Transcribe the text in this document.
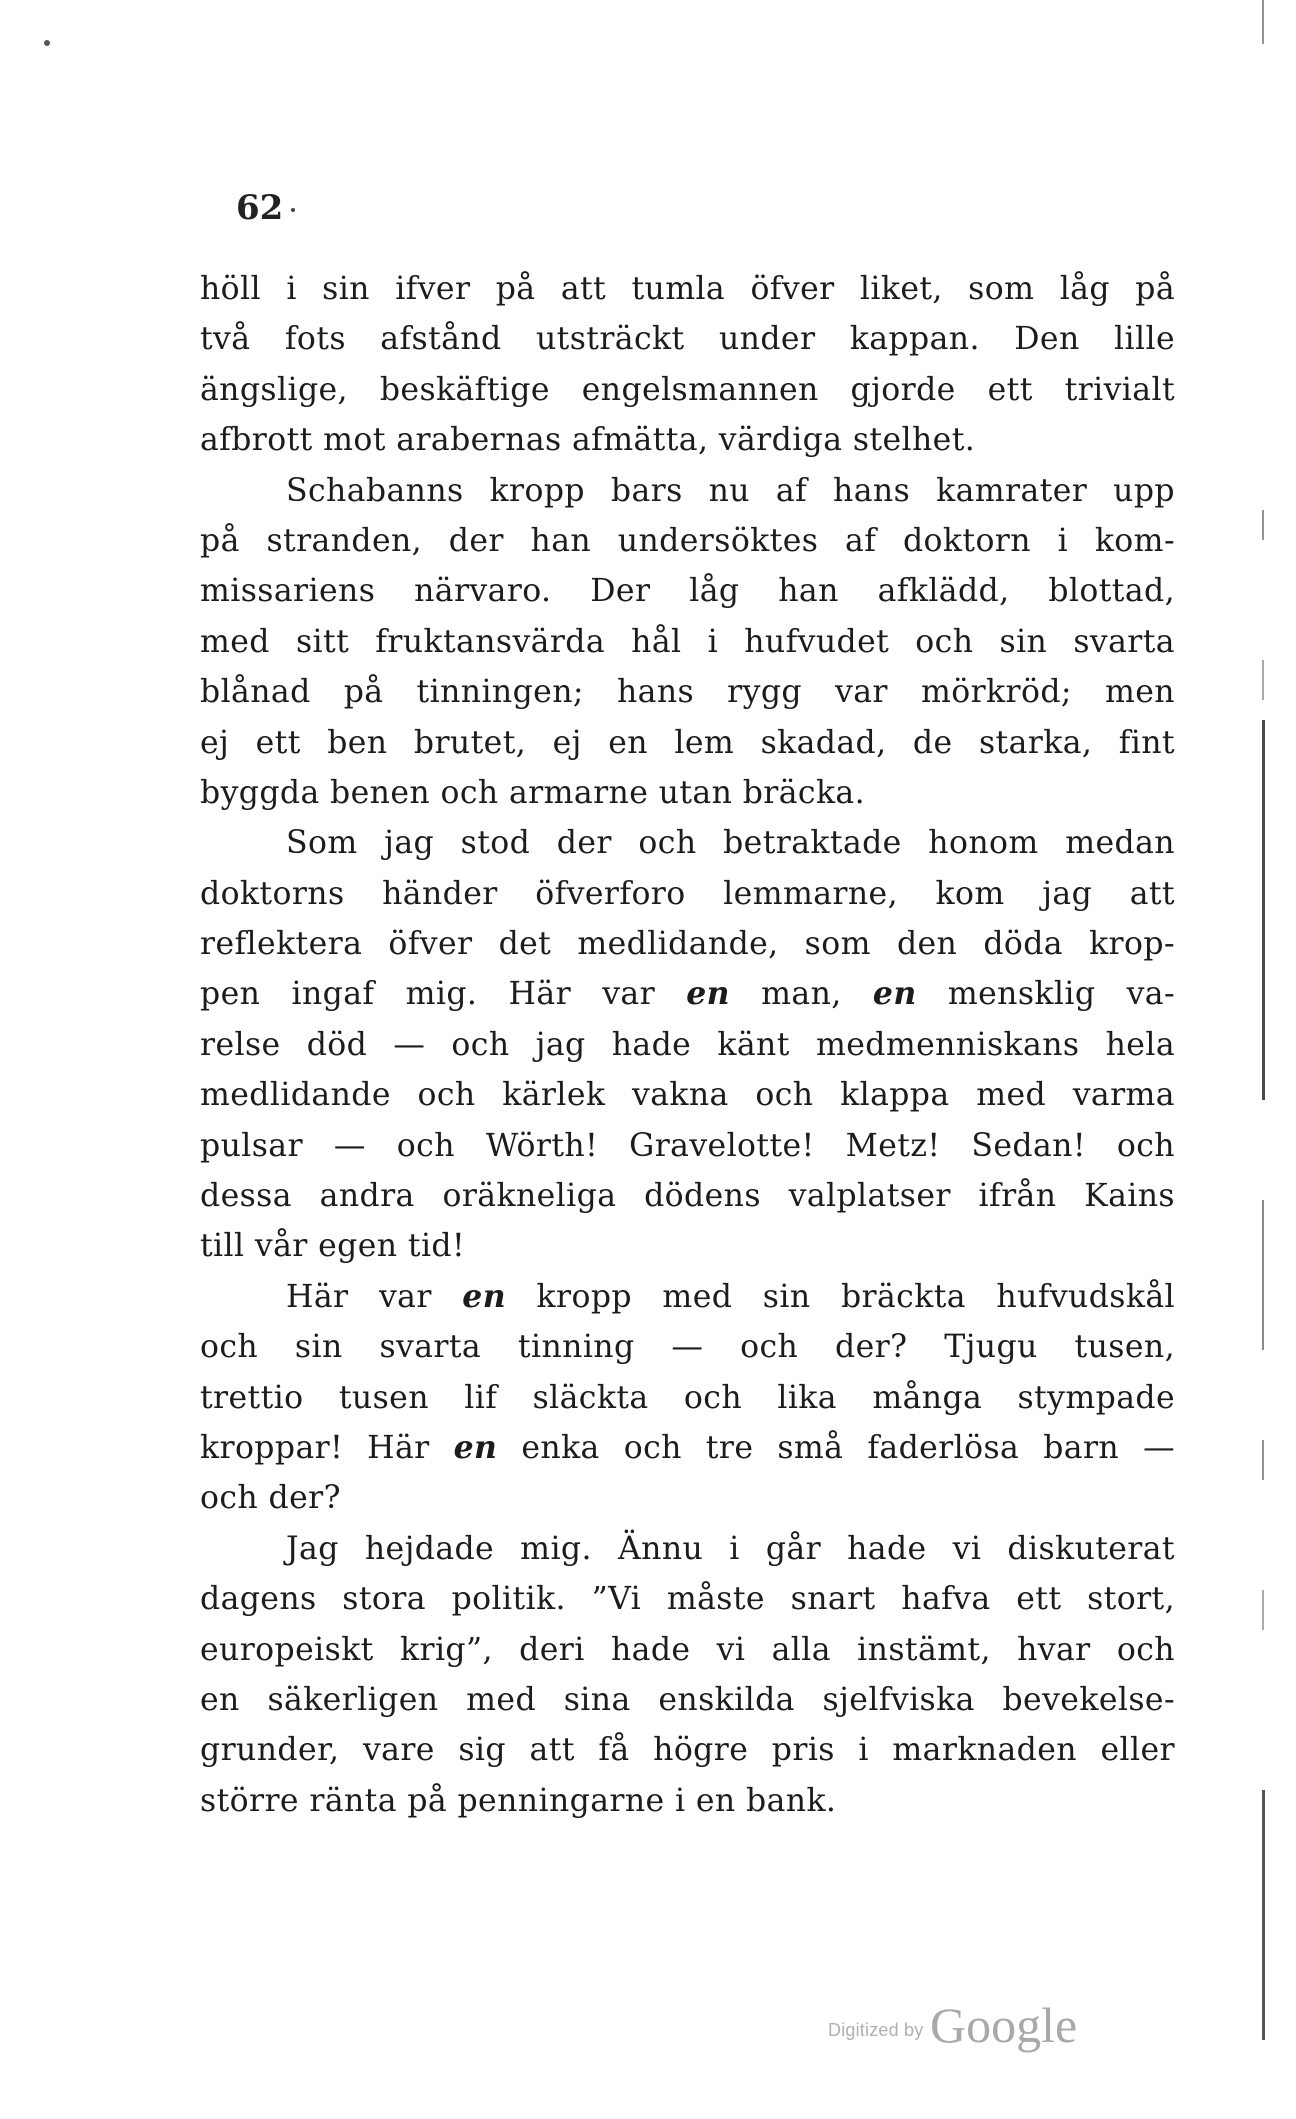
62
höll i sin ifver på att tumla öfver liket, som låg på
två fots afstånd utsträckt under kappan. Den lille
ängslige, beskäftige engelsmannen gjorde ett trivialt
afbrott mot arabernas afmätta, värdiga stelhet.
Schabanns kropp bars nu af hans kamrater upp
på stranden, der han undersöktes af doktorn i kom-
missariens närvaro. Der låg han afklädd, blottad,
med sitt fruktansvärda hål i hufvudet och sin svarta
blånad på tinningen; hans rygg var mörkröd; men
ej ett ben brutet, ej en lem skadad, de starka, fint
byggda benen och armarne utan bräcka.
Som jag stod der och betraktade honom medan
doktorns händer öfverforo lemmarne, kom jag att
reflektera öfver det medlidande, som den döda krop-
pen ingaf mig. Här var en man, en mensklig va-
relse död — och jag hade känt medmenniskans hela
medlidande och kärlek vakna och klappa med varma
pulsar — och Wörth! Gravelotte! Metz! Sedan! och
dessa andra oräkneliga dödens valplatser ifrån Kains
till vår egen tid!
Här var en kropp med sin bräckta hufvudskål
och sin svarta tinning — och der? Tjugu tusen,
trettio tusen lif släckta och lika många stympade
kroppar! Här en enka och tre små faderlösa barn —
och der?
Jag hejdade mig. Ännu i går hade vi diskuterat
dagens stora politik. ”Vi måste snart hafva ett stort,
europeiskt krig”, deri hade vi alla instämt, hvar och
en säkerligen med sina enskilda sjelfviska bevekelse-
grunder, vare sig att få högre pris i marknaden eller
större ränta på penningarne i en bank.
Digitized by Google
